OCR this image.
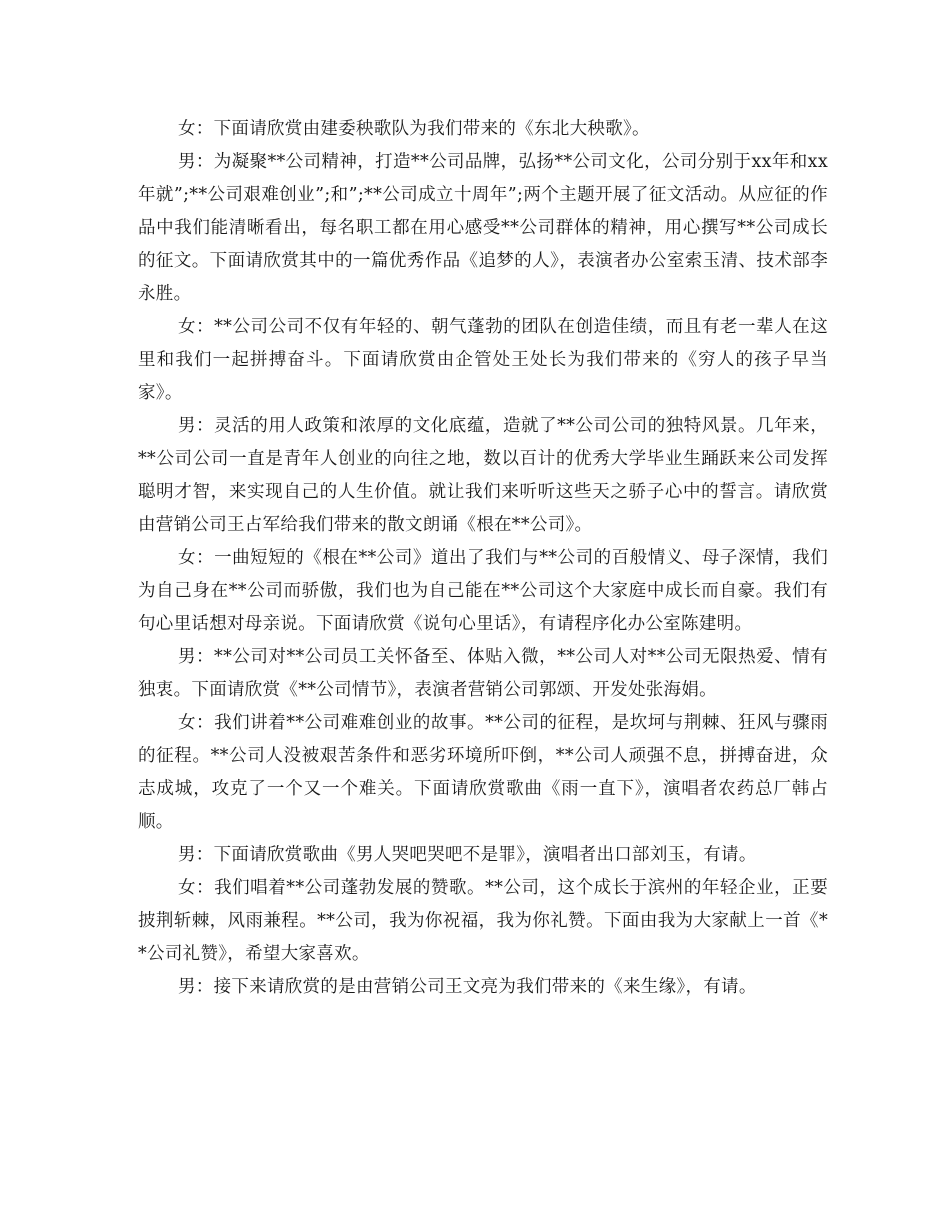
女：下面请欣赏由建委秧歌队为我们带来的《东北大秧歌》。

男：为凝聚**公司精神，打造**公司品牌，弘扬**公司文化，公司分别于xx年和xx年就”;**公司艰难创业”;和”;**公司成立十周年”;两个主题开展了征文活动。从应征的作品中我们能清晰看出，每名职工都在用心感受**公司群体的精神，用心撰写**公司成长的征文。下面请欣赏其中的一篇优秀作品《追梦的人》，表演者办公室索玉清、技术部李永胜。

女：**公司公司不仅有年轻的、朝气蓬勃的团队在创造佳绩，而且有老一辈人在这里和我们一起拼搏奋斗。下面请欣赏由企管处王处长为我们带来的《穷人的孩子早当家》。

男：灵活的用人政策和浓厚的文化底蕴，造就了**公司公司的独特风景。几年来，**公司公司一直是青年人创业的向往之地，数以百计的优秀大学毕业生踊跃来公司发挥聪明才智，来实现自己的人生价值。就让我们来听听这些天之骄子心中的誓言。请欣赏由营销公司王占军给我们带来的散文朗诵《根在**公司》。

女：一曲短短的《根在**公司》道出了我们与**公司的百般情义、母子深情，我们为自己身在**公司而骄傲，我们也为自己能在**公司这个大家庭中成长而自豪。我们有句心里话想对母亲说。下面请欣赏《说句心里话》，有请程序化办公室陈建明。

男：**公司对**公司员工关怀备至、体贴入微，**公司人对**公司无限热爱、情有独衷。下面请欣赏《**公司情节》，表演者营销公司郭颂、开发处张海娟。

女：我们讲着**公司难难创业的故事。**公司的征程，是坎坷与荆棘、狂风与骤雨的征程。**公司人没被艰苦条件和恶劣环境所吓倒，**公司人顽强不息，拼搏奋进，众志成城，攻克了一个又一个难关。下面请欣赏歌曲《雨一直下》，演唱者农药总厂韩占顺。

男：下面请欣赏歌曲《男人哭吧哭吧不是罪》，演唱者出口部刘玉，有请。

女：我们唱着**公司蓬勃发展的赞歌。**公司，这个成长于滨州的年轻企业，正要披荆斩棘，风雨兼程。**公司，我为你祝福，我为你礼赞。下面由我为大家献上一首《**公司礼赞》，希望大家喜欢。

男：接下来请欣赏的是由营销公司王文亮为我们带来的《来生缘》，有请。
